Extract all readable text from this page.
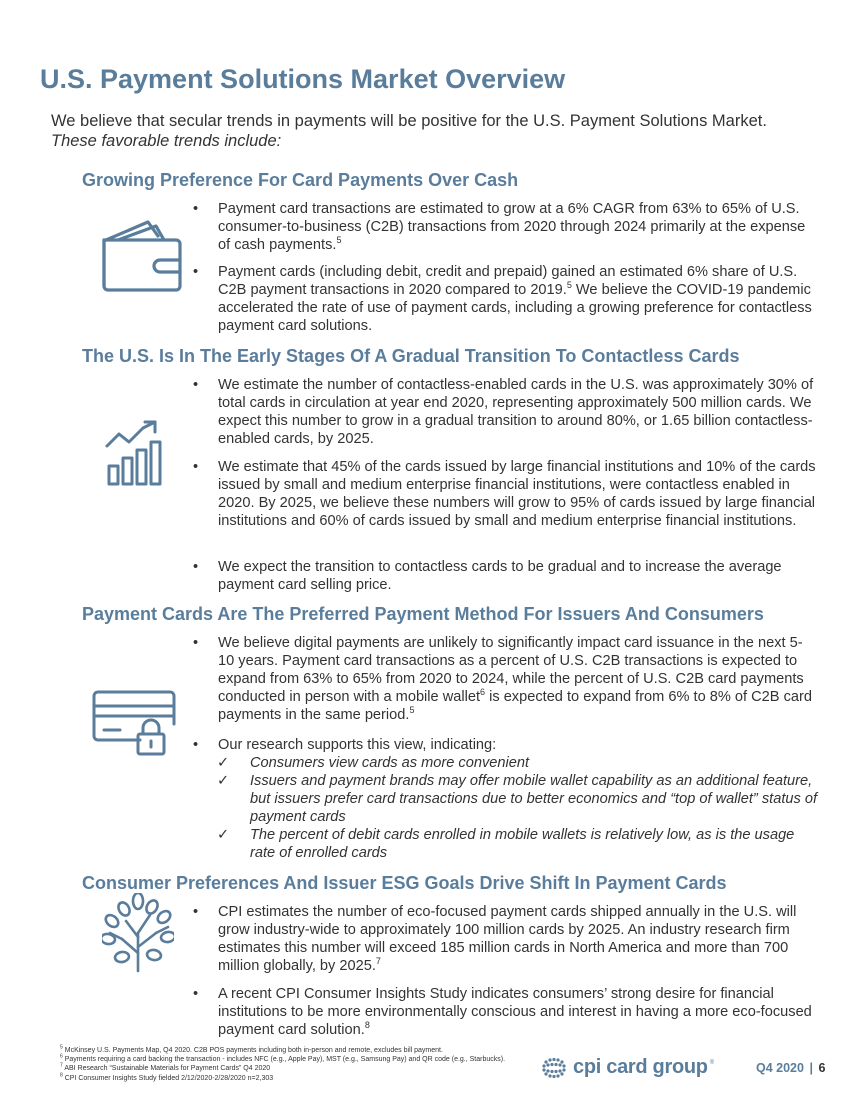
U.S. Payment Solutions Market Overview
We believe that secular trends in payments will be positive for the U.S. Payment Solutions Market.
These favorable trends include:
Growing Preference For Card Payments Over Cash
• Payment card transactions are estimated to grow at a 6% CAGR from 63% to 65% of U.S. consumer-to-business (C2B) transactions from 2020 through 2024 primarily at the expense of cash payments.$^5$
• Payment cards (including debit, credit and prepaid) gained an estimated 6% share of U.S. C2B payment transactions in 2020 compared to 2019.$^5$ We believe the COVID-19 pandemic accelerated the rate of use of payment cards, including a growing preference for contactless payment card solutions.
The U.S. Is In The Early Stages Of A Gradual Transition To Contactless Cards
• We estimate the number of contactless-enabled cards in the U.S. was approximately 30% of total cards in circulation at year end 2020, representing approximately 500 million cards. We expect this number to grow in a gradual transition to around 80%, or 1.65 billion contactless-enabled cards, by 2025.
• We estimate that 45% of the cards issued by large financial institutions and 10% of the cards issued by small and medium enterprise financial institutions, were contactless enabled in 2020. By 2025, we believe these numbers will grow to 95% of cards issued by large financial institutions and 60% of cards issued by small and medium enterprise financial institutions.
• We expect the transition to contactless cards to be gradual and to increase the average payment card selling price.
Payment Cards Are The Preferred Payment Method For Issuers And Consumers
• We believe digital payments are unlikely to significantly impact card issuance in the next 5-10 years. Payment card transactions as a percent of U.S. C2B transactions is expected to expand from 63% to 65% from 2020 to 2024, while the percent of U.S. C2B card payments conducted in person with a mobile wallet$^6$ is expected to expand from 6% to 8% of C2B card payments in the same period.$^5$
• Our research supports this view, indicating:
✓ Consumers view cards as more convenient
✓ Issuers and payment brands may offer mobile wallet capability as an additional feature, but issuers prefer card transactions due to better economics and “top of wallet” status of payment cards
✓ The percent of debit cards enrolled in mobile wallets is relatively low, as is the usage rate of enrolled cards
Consumer Preferences And Issuer ESG Goals Drive Shift In Payment Cards
• CPI estimates the number of eco-focused payment cards shipped annually in the U.S. will grow industry-wide to approximately 100 million cards by 2025. An industry research firm estimates this number will exceed 185 million cards in North America and more than 700 million globally, by 2025.$^7$
• A recent CPI Consumer Insights Study indicates consumers’ strong desire for financial institutions to be more environmentally conscious and interest in having a more eco-focused payment card solution.$^8$
$^5$ McKinsey U.S. Payments Map, Q4 2020. C2B POS payments including both in-person and remote, excludes bill payment.
$^6$ Payments requiring a card backing the transaction - includes NFC (e.g., Apple Pay), MST (e.g., Samsung Pay) and QR code (e.g., Starbucks).
$^7$ ABI Research “Sustainable Materials for Payment Cards” Q4 2020
$^8$ CPI Consumer Insights Study fielded 2/12/2020-2/28/2020 n=2,303
cpi card group ®	Q4 2020 | 6
